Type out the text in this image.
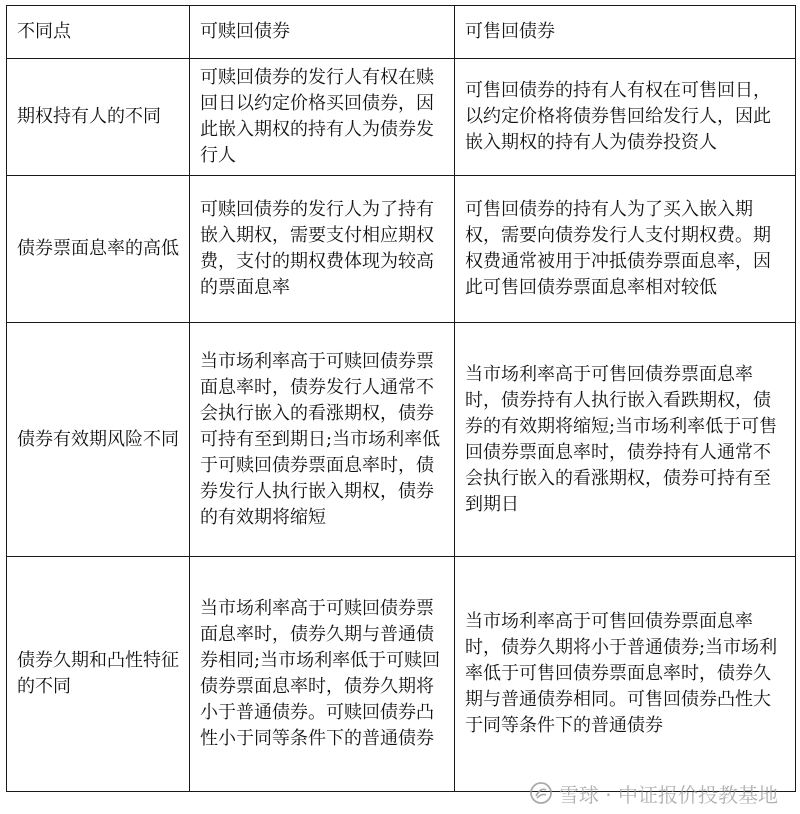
不同点	可赎回债券	可售回债券
期权持有人的不同	可赎回债券的发行人有权在赎回日以约定价格买回债券，因此嵌入期权的持有人为债券发行人	可售回债券的持有人有权在可售回日，以约定价格将债券售回给发行人，因此嵌入期权的持有人为债券投资人
债券票面息率的高低	可赎回债券的发行人为了持有嵌入期权，需要支付相应期权费，支付的期权费体现为较高的票面息率	可售回债券的持有人为了买入嵌入期权，需要向债券发行人支付期权费。期权费通常被用于冲抵债券票面息率，因此可售回债券票面息率相对较低
债券有效期风险不同	当市场利率高于可赎回债券票面息率时，债券发行人通常不会执行嵌入的看涨期权，债券可持有至到期日;当市场利率低于可赎回债券票面息率时，债券发行人执行嵌入期权，债券的有效期将缩短	当市场利率高于可售回债券票面息率时，债券持有人执行嵌入看跌期权，债券的有效期将缩短;当市场利率低于可售回债券票面息率时，债券持有人通常不会执行嵌入的看涨期权，债券可持有至到期日
债券久期和凸性特征的不同	当市场利率高于可赎回债券票面息率时，债券久期与普通债券相同;当市场利率低于可赎回债券票面息率时，债券久期将小于普通债券。可赎回债券凸性小于同等条件下的普通债券	当市场利率高于可售回债券票面息率时，债券久期将小于普通债券;当市场利率低于可售回债券票面息率时，债券久期与普通债券相同。可售回债券凸性大于同等条件下的普通债券
雪球 · 中证报价投教基地
